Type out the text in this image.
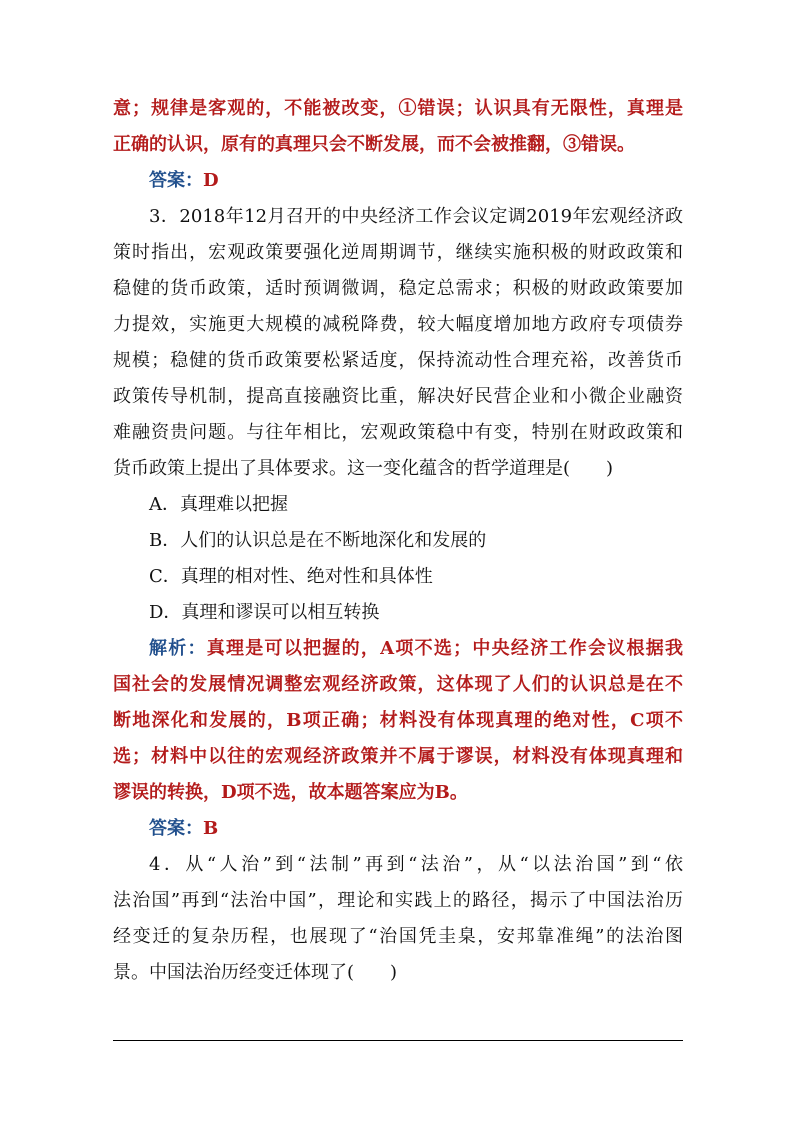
意；规律是客观的，不能被改变，①错误；认识具有无限性，真理是

正确的认识，原有的真理只会不断发展，而不会被推翻，③错误。

答案：D

3．2018年12月召开的中央经济工作会议定调2019年宏观经济政

策时指出，宏观政策要强化逆周期调节，继续实施积极的财政政策和

稳健的货币政策，适时预调微调，稳定总需求；积极的财政政策要加

力提效，实施更大规模的减税降费，较大幅度增加地方政府专项债券

规模；稳健的货币政策要松紧适度，保持流动性合理充裕，改善货币

政策传导机制，提高直接融资比重，解决好民营企业和小微企业融资

难融资贵问题。与往年相比，宏观政策稳中有变，特别在财政政策和

货币政策上提出了具体要求。这一变化蕴含的哲学道理是(　　)

A．真理难以把握

B．人们的认识总是在不断地深化和发展的

C．真理的相对性、绝对性和具体性

D．真理和谬误可以相互转换

解析：真理是可以把握的，A项不选；中央经济工作会议根据我

国社会的发展情况调整宏观经济政策，这体现了人们的认识总是在不

断地深化和发展的，B项正确；材料没有体现真理的绝对性，C项不

选；材料中以往的宏观经济政策并不属于谬误，材料没有体现真理和

谬误的转换，D项不选，故本题答案应为B。

答案：B

4．从“人治”到“法制”再到“法治”，从“以法治国”到“依

法治国”再到“法治中国”，理论和实践上的路径，揭示了中国法治历

经变迁的复杂历程，也展现了“治国凭圭臬，安邦靠准绳”的法治图

景。中国法治历经变迁体现了(　　)
